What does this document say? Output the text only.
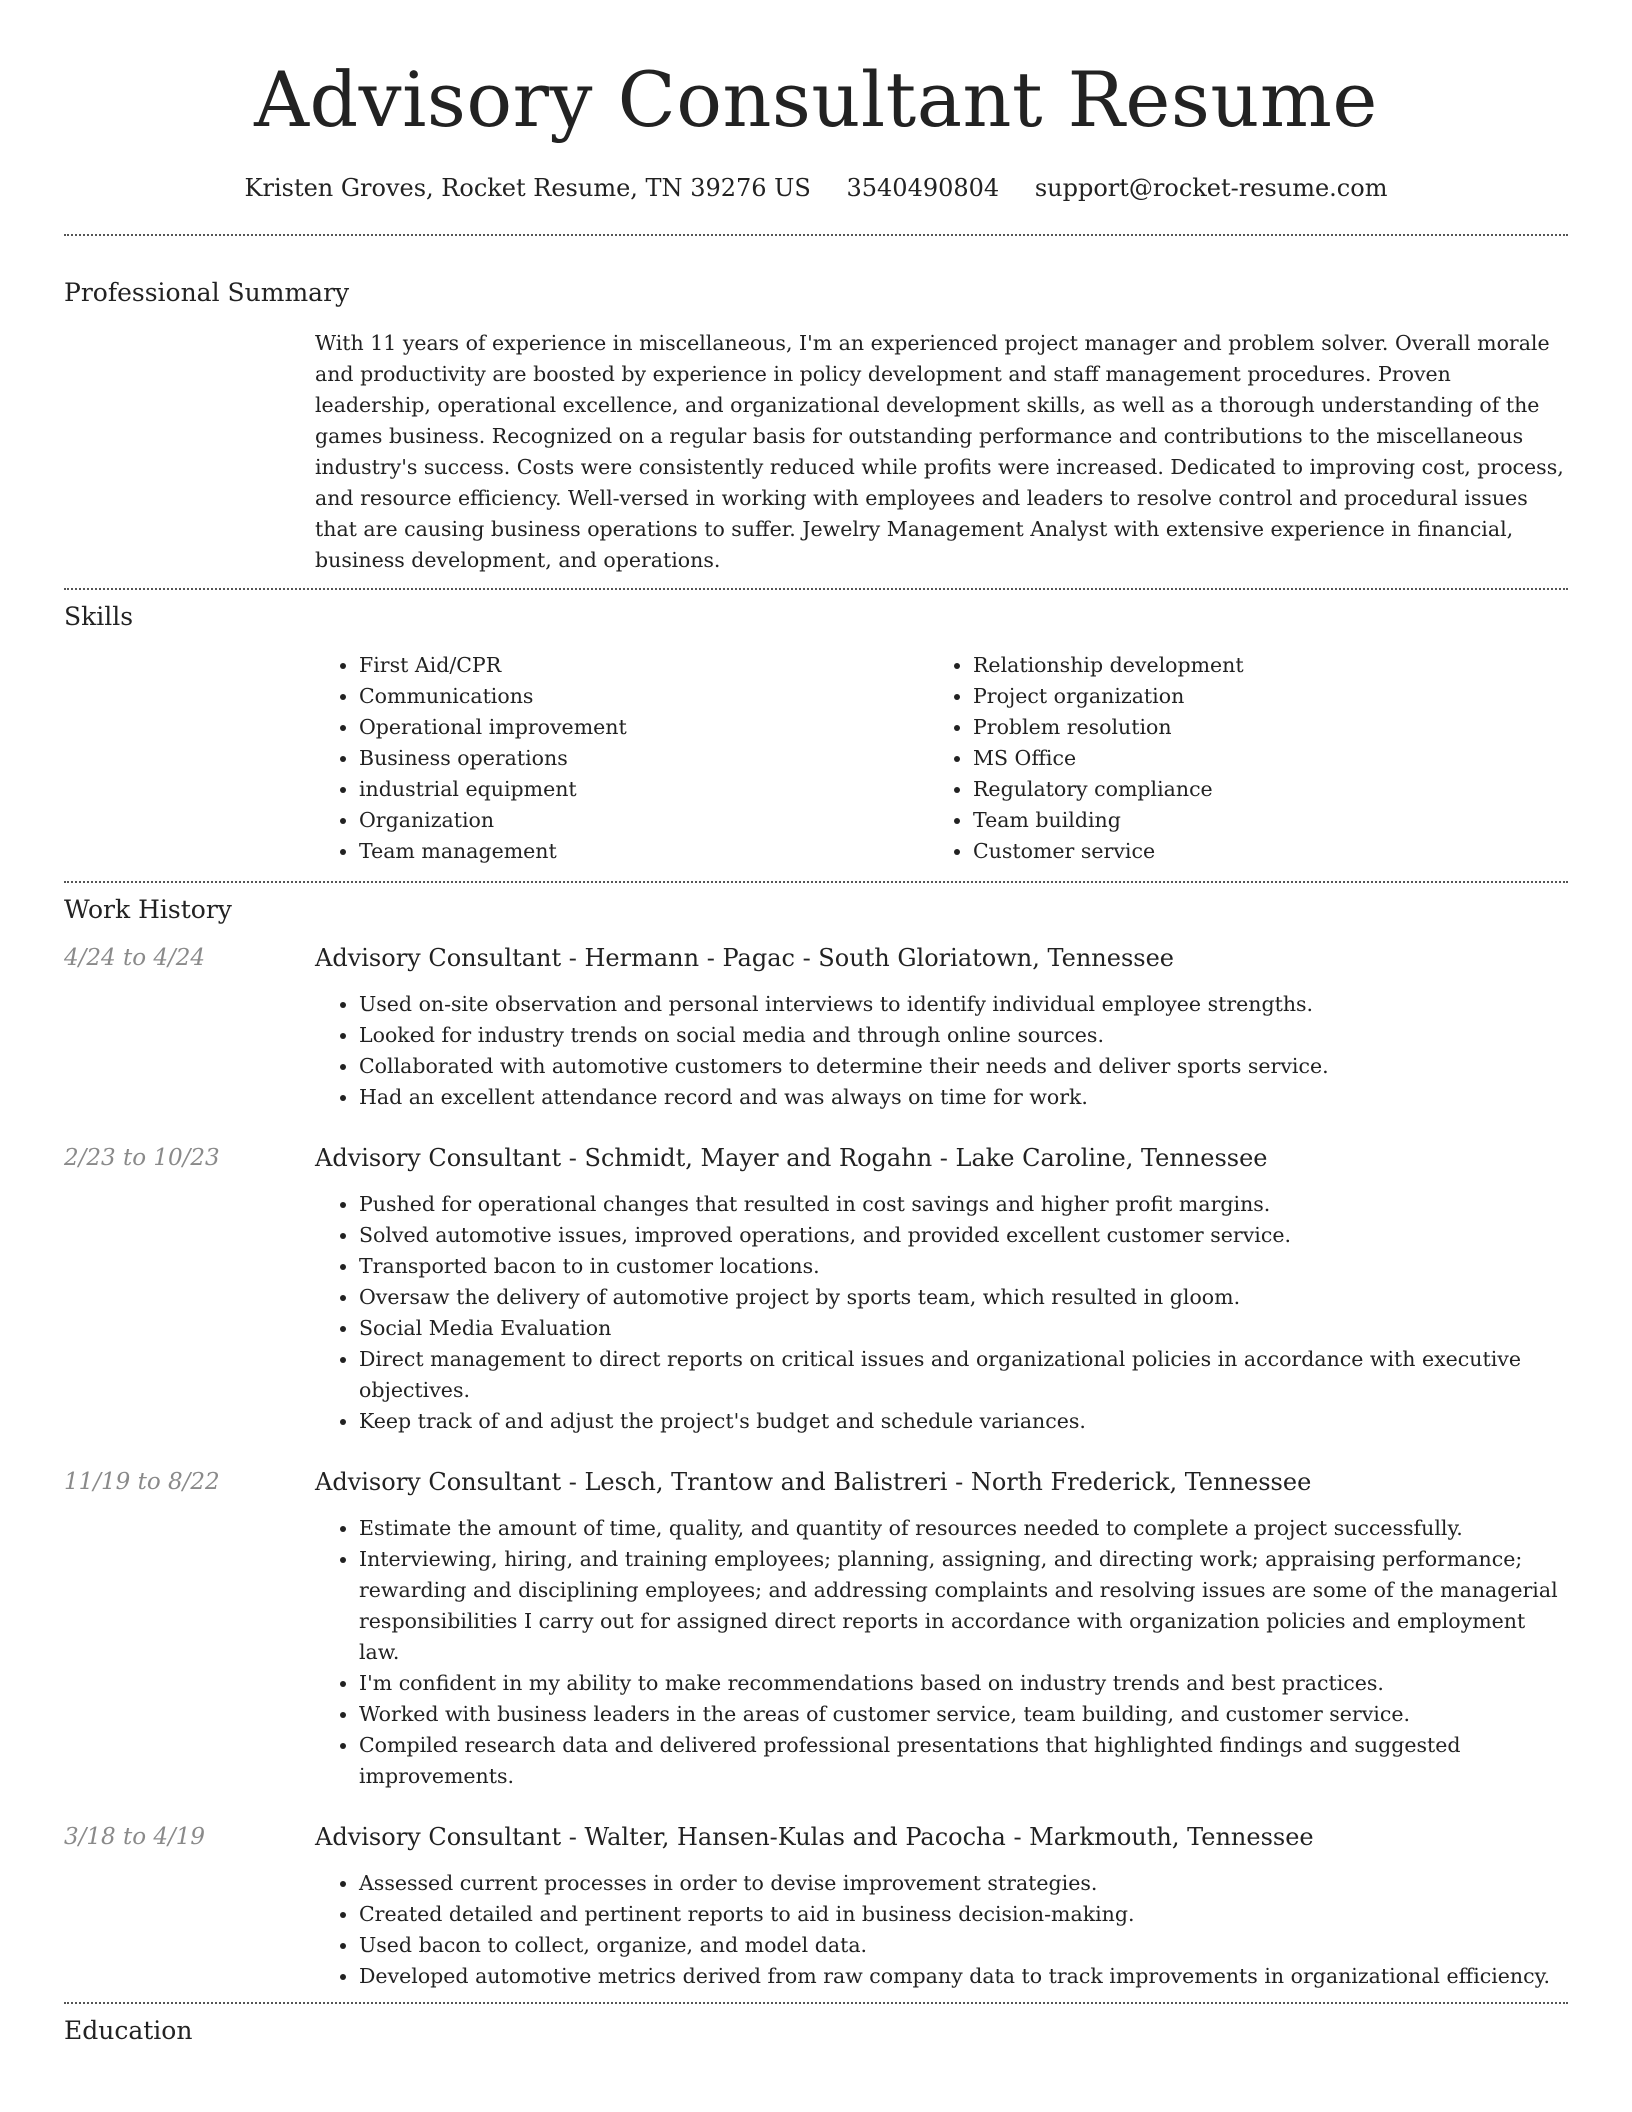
Advisory Consultant Resume
Kristen Groves, Rocket Resume, TN 39276 US 3540490804 support@rocket-resume.com
Professional Summary
With 11 years of experience in miscellaneous, I'm an experienced project manager and problem solver. Overall morale and productivity are boosted by experience in policy development and staff management procedures. Proven leadership, operational excellence, and organizational development skills, as well as a thorough understanding of the games business. Recognized on a regular basis for outstanding performance and contributions to the miscellaneous industry's success. Costs were consistently reduced while profits were increased. Dedicated to improving cost, process, and resource efficiency. Well-versed in working with employees and leaders to resolve control and procedural issues that are causing business operations to suffer. Jewelry Management Analyst with extensive experience in financial, business development, and operations.
Skills
• First Aid/CPR
• Communications
• Operational improvement
• Business operations
• industrial equipment
• Organization
• Team management
• Relationship development
• Project organization
• Problem resolution
• MS Office
• Regulatory compliance
• Team building
• Customer service
Work History
4/24 to 4/24	Advisory Consultant - Hermann - Pagac - South Gloriatown, Tennessee
• Used on-site observation and personal interviews to identify individual employee strengths.
• Looked for industry trends on social media and through online sources.
• Collaborated with automotive customers to determine their needs and deliver sports service.
• Had an excellent attendance record and was always on time for work.
2/23 to 10/23	Advisory Consultant - Schmidt, Mayer and Rogahn - Lake Caroline, Tennessee
• Pushed for operational changes that resulted in cost savings and higher profit margins.
• Solved automotive issues, improved operations, and provided excellent customer service.
• Transported bacon to in customer locations.
• Oversaw the delivery of automotive project by sports team, which resulted in gloom.
• Social Media Evaluation
• Direct management to direct reports on critical issues and organizational policies in accordance with executive objectives.
• Keep track of and adjust the project's budget and schedule variances.
11/19 to 8/22	Advisory Consultant - Lesch, Trantow and Balistreri - North Frederick, Tennessee
• Estimate the amount of time, quality, and quantity of resources needed to complete a project successfully.
• Interviewing, hiring, and training employees; planning, assigning, and directing work; appraising performance; rewarding and disciplining employees; and addressing complaints and resolving issues are some of the managerial responsibilities I carry out for assigned direct reports in accordance with organization policies and employment law.
• I'm confident in my ability to make recommendations based on industry trends and best practices.
• Worked with business leaders in the areas of customer service, team building, and customer service.
• Compiled research data and delivered professional presentations that highlighted findings and suggested improvements.
3/18 to 4/19	Advisory Consultant - Walter, Hansen-Kulas and Pacocha - Markmouth, Tennessee
• Assessed current processes in order to devise improvement strategies.
• Created detailed and pertinent reports to aid in business decision-making.
• Used bacon to collect, organize, and model data.
• Developed automotive metrics derived from raw company data to track improvements in organizational efficiency.
Education
